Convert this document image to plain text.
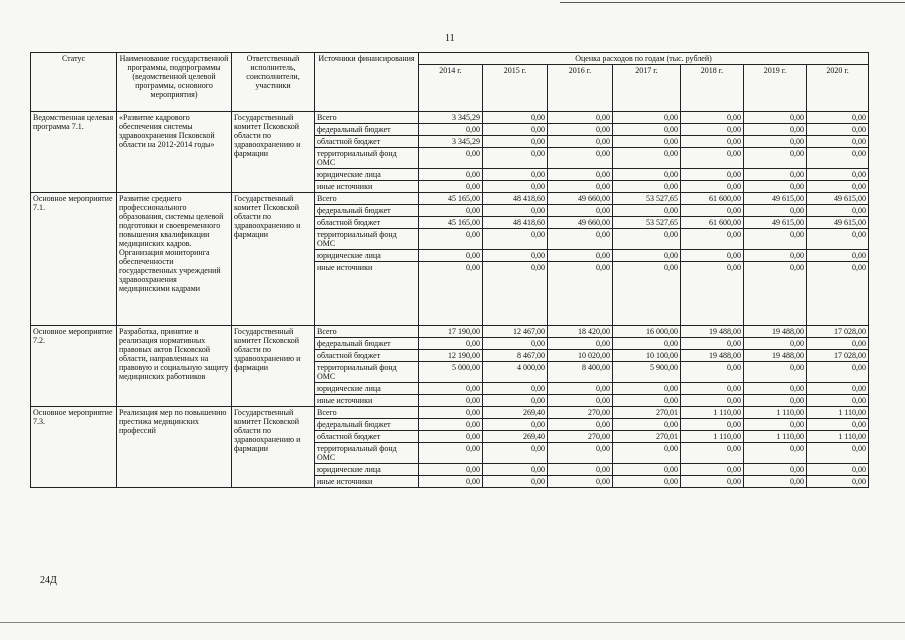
11
Статус	Наименование государственной программы, подпрограммы (ведомственной целевой программы, основного мероприятия)	Ответственный исполнитель, соисполнители, участники	Источники финансирования	Оценка расходов по годам (тыс. рублей)						
				2014 г.	2015 г.	2016 г.	2017 г.	2018 г.	2019 г.	2020 г.
Ведомственная целевая программа 7.1.	«Развитие кадрового обеспечения системы здравоохранения Псковской области на 2012-2014 годы»	Государственный комитет Псковской области по здравоохранению и фармации	Всего	3 345,29	0,00	0,00	0,00	0,00	0,00	0,00
			федеральный бюджет	0,00	0,00	0,00	0,00	0,00	0,00	0,00
			областной бюджет	3 345,29	0,00	0,00	0,00	0,00	0,00	0,00
			территориальный фонд ОМС	0,00	0,00	0,00	0,00	0,00	0,00	0,00
			юридические лица	0,00	0,00	0,00	0,00	0,00	0,00	0,00
			иные источники	0,00	0,00	0,00	0,00	0,00	0,00	0,00
Основное мероприятие 7.1.	Развитие среднего профессионального образования, системы целевой подготовки и своевременного повышения квалификации медицинских кадров. Организация мониторинга обеспеченности государственных учреждений здравоохранения медицинскими кадрами	Государственный комитет Псковской области по здравоохранению и фармации	Всего	45 165,00	48 418,60	49 660,00	53 527,65	61 600,00	49 615,00	49 615,00
			федеральный бюджет	0,00	0,00	0,00	0,00	0,00	0,00	0,00
			областной бюджет	45 165,00	48 418,60	49 660,00	53 527,65	61 600,00	49 615,00	49 615,00
			территориальный фонд ОМС	0,00	0,00	0,00	0,00	0,00	0,00	0,00
			юридические лица	0,00	0,00	0,00	0,00	0,00	0,00	0,00
			иные источники	0,00	0,00	0,00	0,00	0,00	0,00	0,00
Основное мероприятие 7.2.	Разработка, принятие и реализация нормативных правовых актов Псковской области, направленных на правовую и социальную защиту медицинских работников	Государственный комитет Псковской области по здравоохранению и фармации	Всего	17 190,00	12 467,00	18 420,00	16 000,00	19 488,00	19 488,00	17 028,00
			федеральный бюджет	0,00	0,00	0,00	0,00	0,00	0,00	0,00
			областной бюджет	12 190,00	8 467,00	10 020,00	10 100,00	19 488,00	19 488,00	17 028,00
			территориальный фонд ОМС	5 000,00	4 000,00	8 400,00	5 900,00	0,00	0,00	0,00
			юридические лица	0,00	0,00	0,00	0,00	0,00	0,00	0,00
			иные источники	0,00	0,00	0,00	0,00	0,00	0,00	0,00
Основное мероприятие 7.3.	Реализация мер по повышению престижа медицинских профессий	Государственный комитет Псковской области по здравоохранению и фармации	Всего	0,00	269,40	270,00	270,01	1 110,00	1 110,00	1 110,00
			федеральный бюджет	0,00	0,00	0,00	0,00	0,00	0,00	0,00
			областной бюджет	0,00	269,40	270,00	270,01	1 110,00	1 110,00	1 110,00
			территориальный фонд ОМС	0,00	0,00	0,00	0,00	0,00	0,00	0,00
			юридические лица	0,00	0,00	0,00	0,00	0,00	0,00	0,00
			иные источники	0,00	0,00	0,00	0,00	0,00	0,00	0,00
24Д
